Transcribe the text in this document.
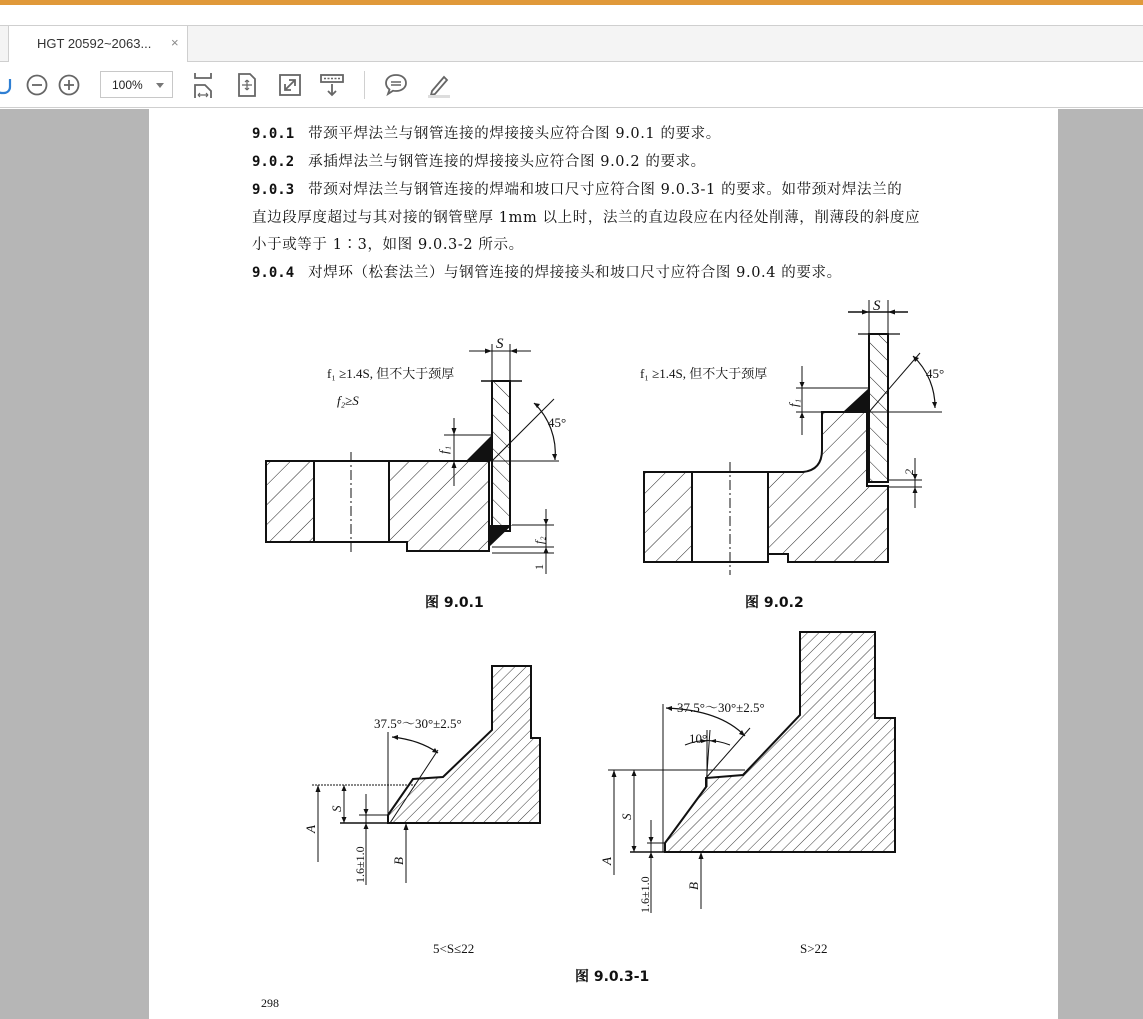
HGT 20592~2063... ×
100%
9.0.1 带颈平焊法兰与钢管连接的焊接接头应符合图 9.0.1 的要求。
9.0.2 承插焊法兰与钢管连接的焊接接头应符合图 9.0.2 的要求。
9.0.3 带颈对焊法兰与钢管连接的焊端和坡口尺寸应符合图 9.0.3-1 的要求。如带颈对焊法兰的
直边段厚度超过与其对接的钢管壁厚 1mm 以上时，法兰的直边段应在内径处削薄，削薄段的斜度应
小于或等于 1∶3，如图 9.0.3-2 所示。
9.0.4 对焊环（松套法兰）与钢管连接的焊接接头和坡口尺寸应符合图 9.0.4 的要求。
S
45°
f₁
f₂
1
f₁ ≥1.4S, 但不大于颈厚
f₂≥S
图 9.0.1
S
45°
f₁
2
f₁ ≥1.4S, 但不大于颈厚
图 9.0.2
37.5°～30°±2.5°
S
A
1.6±1.0 B
5<S≤22
37.5°～30°±2.5°
10°
S
A
1.6±1.0	B
S>22
图 9.0.3-1
298
